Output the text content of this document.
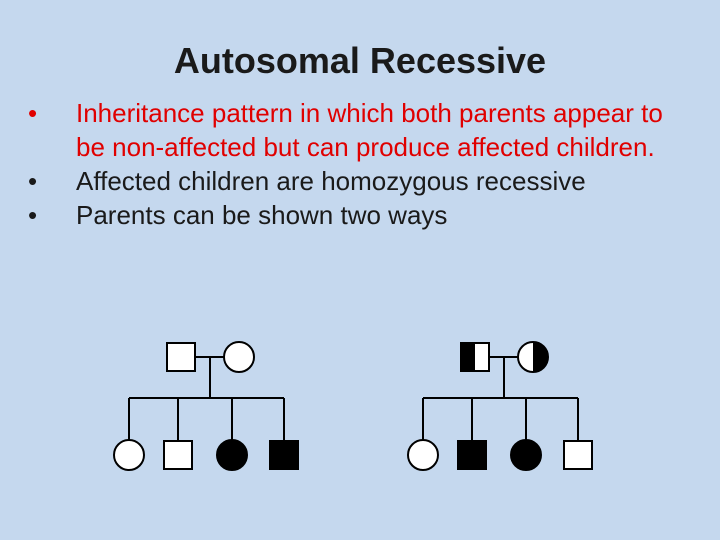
Autosomal Recessive
• Inheritance pattern in which both parents appear to be non-affected but can produce affected children.
• Affected children are homozygous recessive
• Parents can be shown two ways
